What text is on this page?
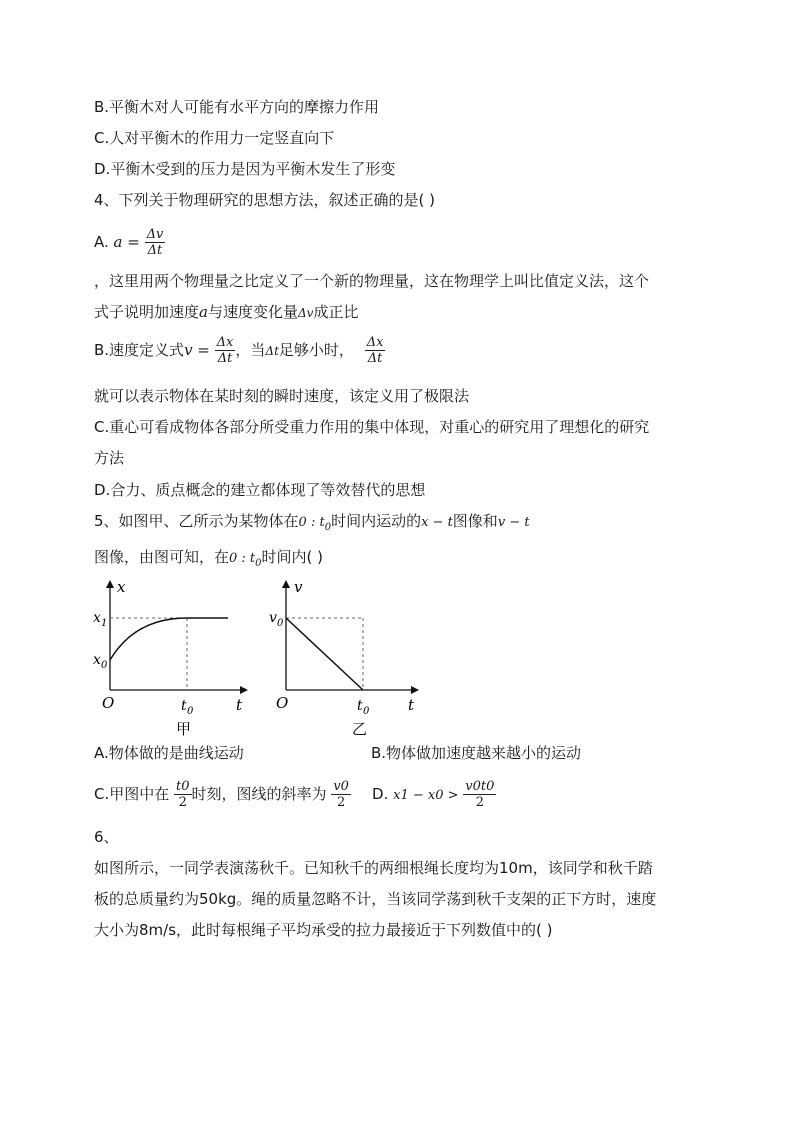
B.平衡木对人可能有水平方向的摩擦力作用
C.人对平衡木的作用力一定竖直向下
D.平衡木受到的压力是因为平衡木发生了形变
4、下列关于物理研究的思想方法，叙述正确的是( )
A. $a = \frac{\Delta v}{\Delta t}$
，这里用两个物理量之比定义了一个新的物理量，这在物理学上叫比值定义法，这个
式子说明加速度a与速度变化量Δv成正比
B.速度定义式$v = \frac{\Delta x}{\Delta t}$ ，当Δt足够小时， $\frac{\Delta x}{\Delta t}$
就可以表示物体在某时刻的瞬时速度，该定义用了极限法
C.重心可看成物体各部分所受重力作用的集中体现，对重心的研究用了理想化的研究
方法
D.合力、质点概念的建立都体现了等效替代的思想
5、如图甲、乙所示为某物体在0 : $t_0$时间内运动的x − t图像和v − t
图像，由图可知，在0 : $t_0$时间内( )
x
t
O
x 1
x 0
t 0
甲
v
t
O
v 0
t 0
乙
A.物体做的是曲线运动	B.物体做加速度越来越小的运动
C.甲图中在 $\frac{t0}{2}$ 时刻，图线的斜率为 $\frac{v0}{2} D$. $x1 - x0 > \frac{v0t0}{2}$
6、
如图所示，一同学表演荡秋千。已知秋千的两细根绳长度均为10m，该同学和秋千踏
板的总质量约为50kg。绳的质量忽略不计，当该同学荡到秋千支架的正下方时，速度
大小为8m/s，此时每根绳子平均承受的拉力最接近于下列数值中的( )
